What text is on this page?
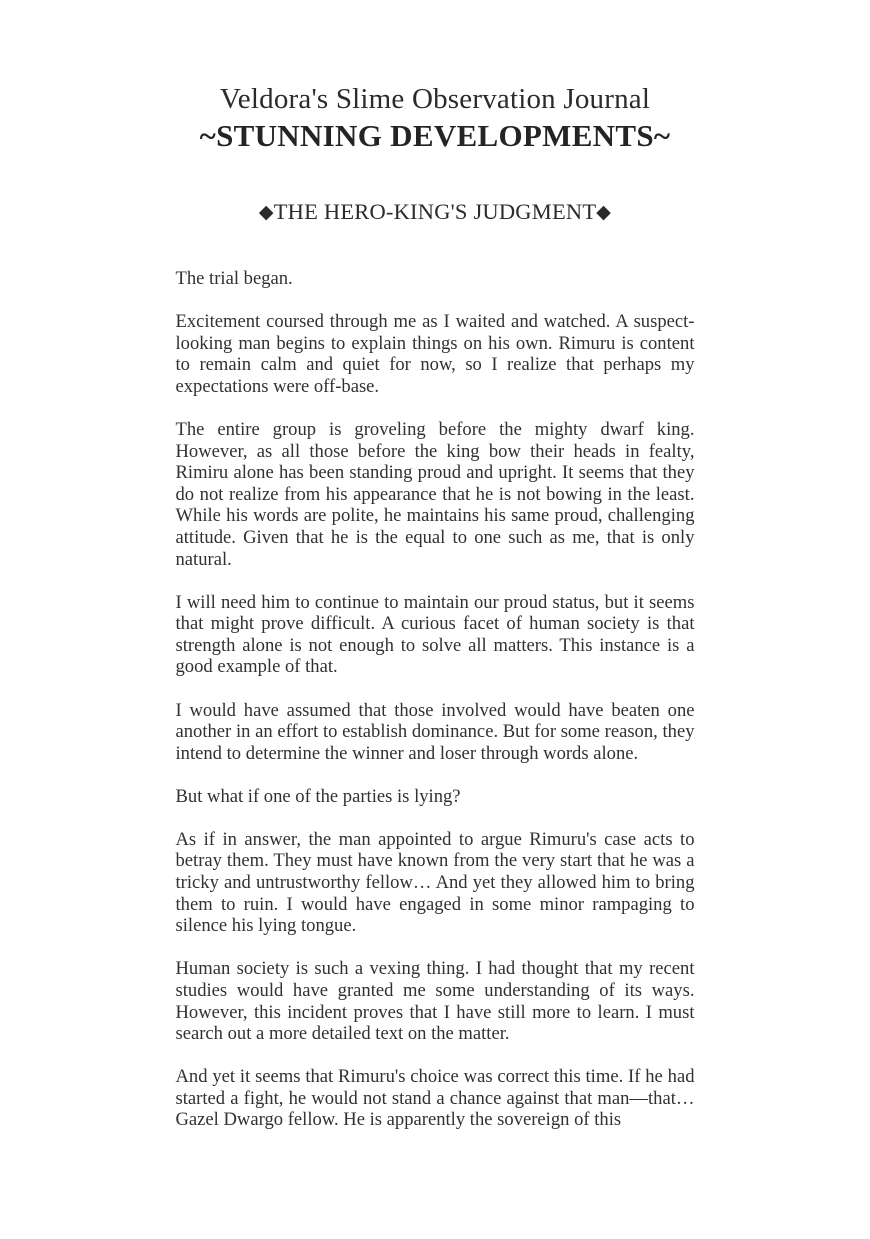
Veldora's Slime Observation Journal
~STUNNING DEVELOPMENTS~
◆THE HERO-KING'S JUDGMENT◆

The trial began.

Excitement coursed through me as I waited and watched. A suspect-looking man begins to explain things on his own. Rimuru is content to remain calm and quiet for now, so I realize that perhaps my expectations were off-base.

The entire group is groveling before the mighty dwarf king. However, as all those before the king bow their heads in fealty, Rimiru alone has been standing proud and upright. It seems that they do not realize from his appearance that he is not bowing in the least. While his words are polite, he maintains his same proud, challenging attitude. Given that he is the equal to one such as me, that is only natural.

I will need him to continue to maintain our proud status, but it seems that might prove difficult. A curious facet of human society is that strength alone is not enough to solve all matters. This instance is a good example of that.

I would have assumed that those involved would have beaten one another in an effort to establish dominance. But for some reason, they intend to determine the winner and loser through words alone.

But what if one of the parties is lying?

As if in answer, the man appointed to argue Rimuru's case acts to betray them. They must have known from the very start that he was a tricky and untrustworthy fellow… And yet they allowed him to bring them to ruin. I would have engaged in some minor rampaging to silence his lying tongue.

Human society is such a vexing thing. I had thought that my recent studies would have granted me some understanding of its ways. However, this incident proves that I have still more to learn. I must search out a more detailed text on the matter.

And yet it seems that Rimuru's choice was correct this time. If he had started a fight, he would not stand a chance against that man—that…Gazel Dwargo fellow. He is apparently the sovereign of this
